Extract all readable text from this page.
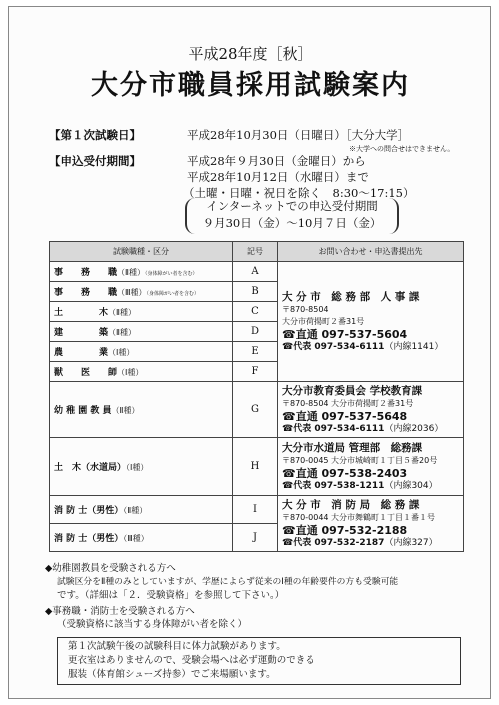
平成28年度［秋］
大分市職員採用試験案内
【第１次試験日】	平成28年10月30日（日曜日）［大分大学］
※大学への問合せはできません。
【申込受付期間】	平成28年９月30日（金曜日）から
平成28年10月12日（水曜日）まで
（土曜・日曜・祝日を除く　8:30～17:15）
インターネットでの申込受付期間
９月30日（金）～10月７日（金）
試験職種・区分	記号	お問い合わせ・申込書提出先
事　　務　　職（Ⅱ種）（身体障がい者を含む）	A	大 分 市　総 務 部　人 事 課
〒870-8504
大分市荷揚町２番31号
☎直通 097-537-5604
☎代表 097-534-6111（内線1141）

事　　務　　職（Ⅲ種）（身体障がい者を含む）	B	
土　　　　木（Ⅱ種）	C	
建　　　　築（Ⅱ種）	D	
農　　　　業（Ⅰ種）	E	
獣　　医　　師（Ⅰ種）	F	
幼 稚 園 教 員（Ⅱ種）	G	大分市教育委員会 学校教育課
〒870-8504 大分市荷揚町２番31号
☎直通 097-537-5648
☎代表 097-534-6111（内線2036）

土　木（水道局）（Ⅰ種）	H	大分市水道局 管理部　総務課
〒870-0045 大分市城崎町１丁目５番20号
☎直通 097-538-2403
☎代表 097-538-1211（内線304）

消 防 士（男性）（Ⅱ種）	I	大 分 市　消 防 局　総 務 課
〒870-0044 大分市舞鶴町１丁目１番１号
☎直通 097-532-2188
☎代表 097-532-2187（内線327）

消 防 士（男性）（Ⅲ種）	J	
◆幼稚園教員を受験される方へ
試験区分をⅡ種のみとしていますが、学歴によらず従来のⅠ種の年齢要件の方も受験可能
です。（詳細は「２．受験資格」を参照して下さい。）
◆事務職・消防士を受験される方へ
（受験資格に該当する身体障がい者を除く）
第１次試験午後の試験科目に体力試験があります。
更衣室はありませんので、受験会場へは必ず運動のできる
服装（体育館シューズ持参）でご来場願います。
